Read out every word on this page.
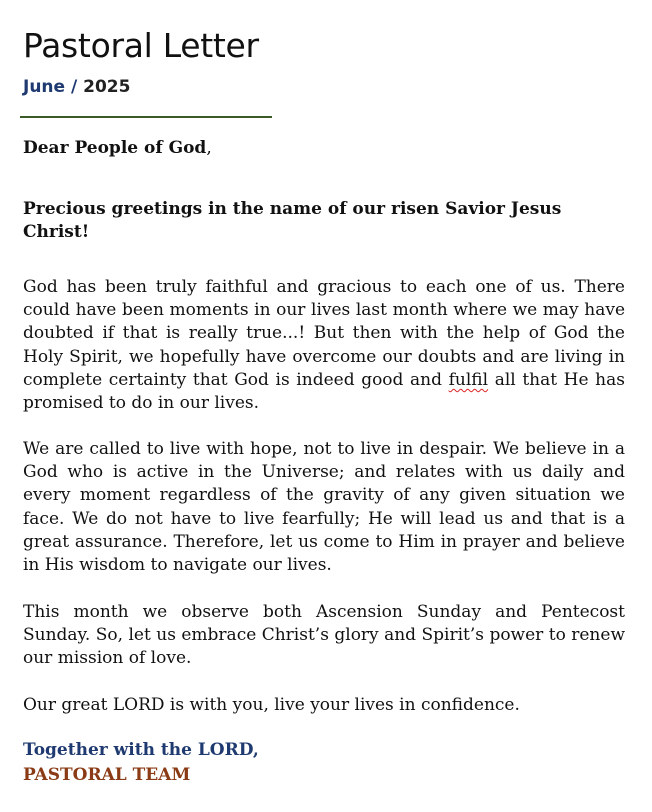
Pastoral Letter
June / 2025
Dear People of God,
Precious greetings in the name of our risen Savior Jesus Christ!

God has been truly faithful and gracious to each one of us. There could have been moments in our lives last month where we may have doubted if that is really true...! But then with the help of God the Holy Spirit, we hopefully have overcome our doubts and are living in complete certainty that God is indeed good and fulfil all that He has promised to do in our lives.

We are called to live with hope, not to live in despair. We believe in a God who is active in the Universe; and relates with us daily and every moment regardless of the gravity of any given situation we face. We do not have to live fearfully; He will lead us and that is a great assurance. Therefore, let us come to Him in prayer and believe in His wisdom to navigate our lives.

This month we observe both Ascension Sunday and Pentecost Sunday. So, let us embrace Christ’s glory and Spirit’s power to renew our mission of love.

Our great LORD is with you, live your lives in confidence.

Together with the LORD,
PASTORAL TEAM
